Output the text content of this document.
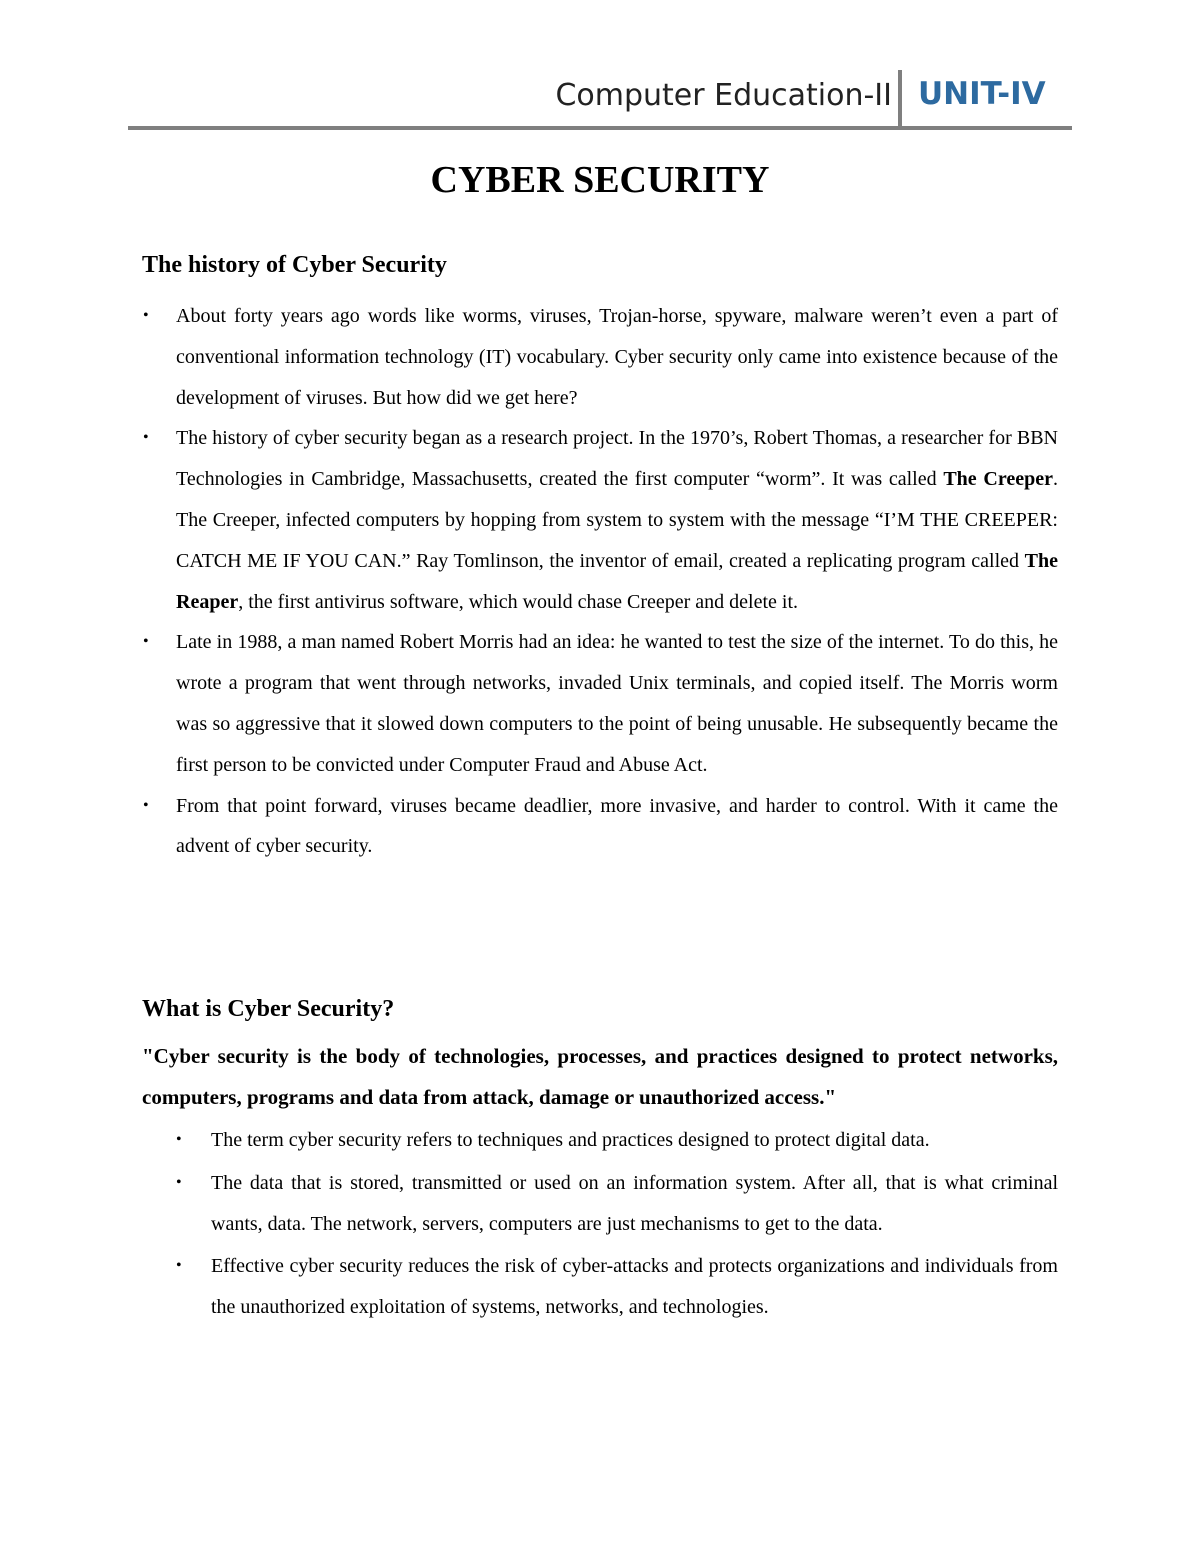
Computer Education-II UNIT-IV
CYBER SECURITY
The history of Cyber Security
• About forty years ago words like worms, viruses, Trojan-horse, spyware, malware weren’t even a part of conventional information technology (IT) vocabulary. Cyber security only came into existence because of the development of viruses. But how did we get here?
• The history of cyber security began as a research project. In the 1970’s, Robert Thomas, a researcher for BBN Technologies in Cambridge, Massachusetts, created the first computer “worm”. It was called The Creeper. The Creeper, infected computers by hopping from system to system with the message “I’M THE CREEPER: CATCH ME IF YOU CAN.” Ray Tomlinson, the inventor of email, created a replicating program called The Reaper, the first antivirus software, which would chase Creeper and delete it.
• Late in 1988, a man named Robert Morris had an idea: he wanted to test the size of the internet. To do this, he wrote a program that went through networks, invaded Unix terminals, and copied itself. The Morris worm was so aggressive that it slowed down computers to the point of being unusable. He subsequently became the first person to be convicted under Computer Fraud and Abuse Act.
• From that point forward, viruses became deadlier, more invasive, and harder to control. With it came the advent of cyber security.
What is Cyber Security?
"Cyber security is the body of technologies, processes, and practices designed to protect networks, computers, programs and data from attack, damage or unauthorized access."
• The term cyber security refers to techniques and practices designed to protect digital data.
• The data that is stored, transmitted or used on an information system. After all, that is what criminal wants, data. The network, servers, computers are just mechanisms to get to the data.
• Effective cyber security reduces the risk of cyber-attacks and protects organizations and individuals from the unauthorized exploitation of systems, networks, and technologies.
